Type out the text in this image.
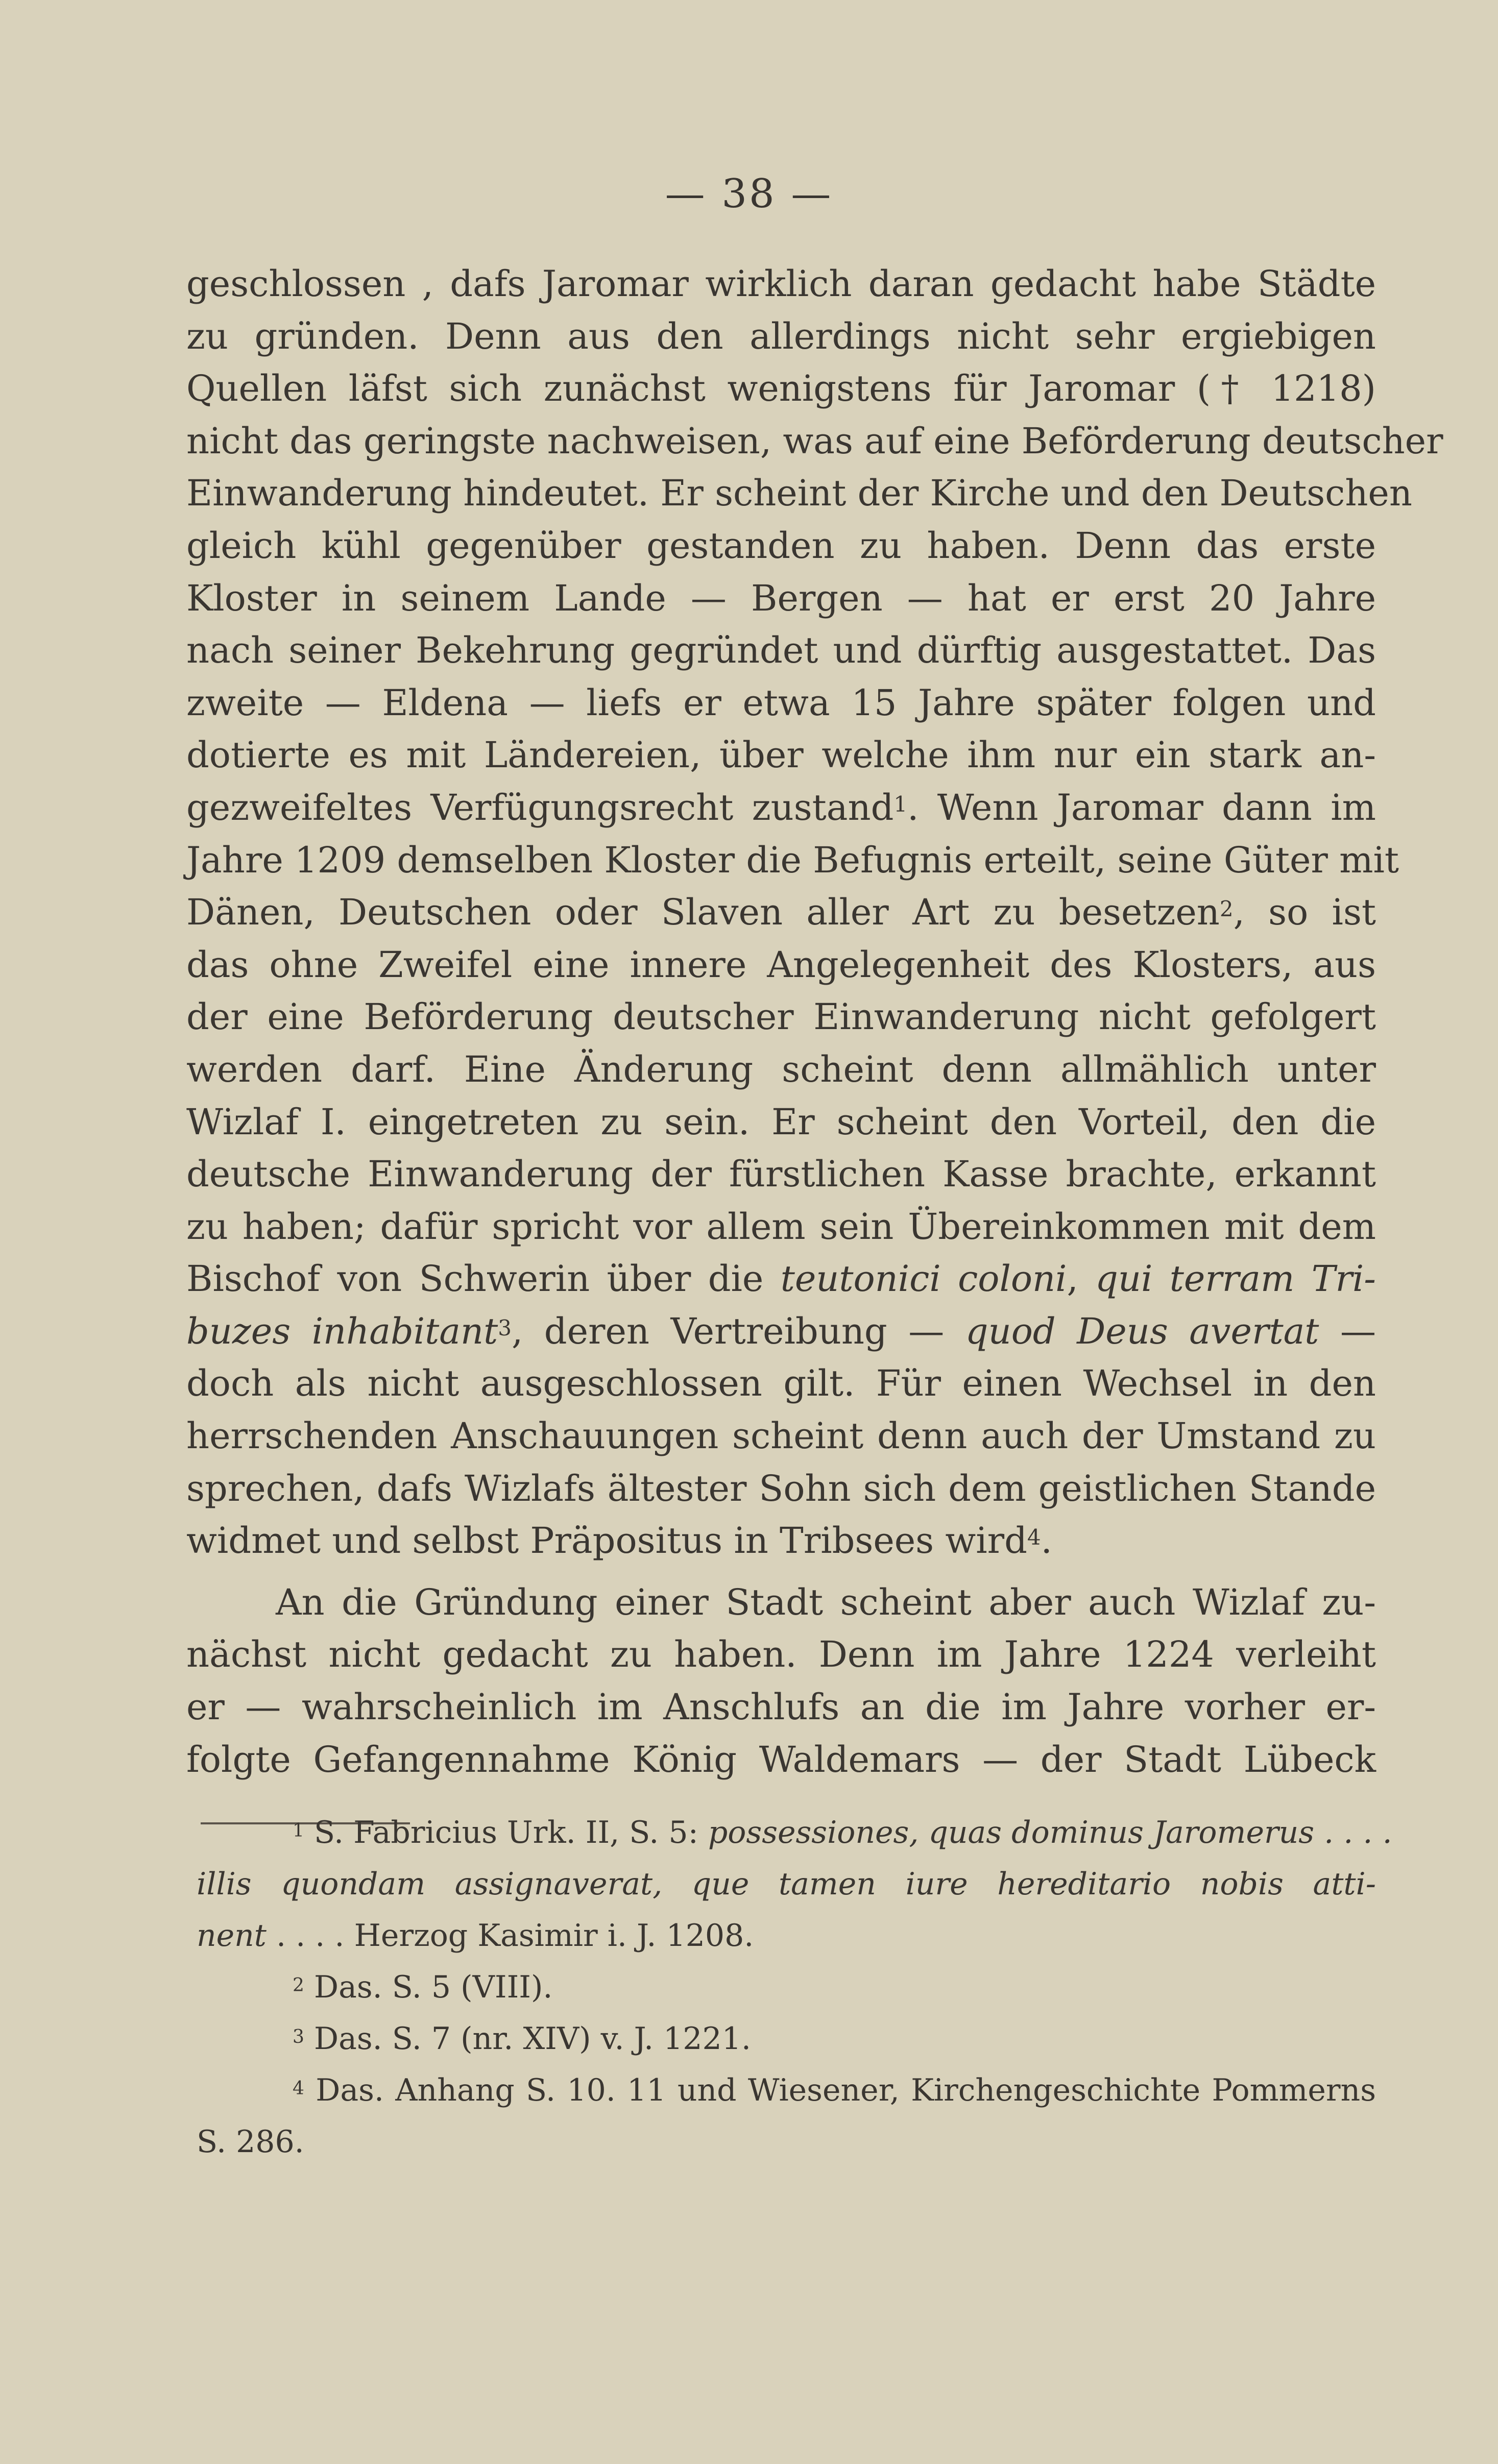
— 38 —
geschlossen , dafs Jaromar wirklich daran gedacht habe Städte
zu gründen. Denn aus den allerdings nicht sehr ergiebigen
Quellen läfst sich zunächst wenigstens für Jaromar († 1218)
nicht das geringste nachweisen, was auf eine Beförderung deutscher
Einwanderung hindeutet. Er scheint der Kirche und den Deutschen
gleich kühl gegenüber gestanden zu haben. Denn das erste
Kloster in seinem Lande — Bergen — hat er erst 20 Jahre
nach seiner Bekehrung gegründet und dürftig ausgestattet. Das
zweite — Eldena — liefs er etwa 15 Jahre später folgen und
dotierte es mit Ländereien, über welche ihm nur ein stark an-
gezweifeltes Verfügungsrecht zustand$^1$. Wenn Jaromar dann im
Jahre 1209 demselben Kloster die Befugnis erteilt, seine Güter mit
Dänen, Deutschen oder Slaven aller Art zu besetzen$^2$, so ist
das ohne Zweifel eine innere Angelegenheit des Klosters, aus
der eine Beförderung deutscher Einwanderung nicht gefolgert
werden darf. Eine Änderung scheint denn allmählich unter
Wizlaf I. eingetreten zu sein. Er scheint den Vorteil, den die
deutsche Einwanderung der fürstlichen Kasse brachte, erkannt
zu haben; dafür spricht vor allem sein Übereinkommen mit dem
Bischof von Schwerin über die teutonici coloni, qui terram Tri-
buzes inhabitant$^3$, deren Vertreibung — quod Deus avertat —
doch als nicht ausgeschlossen gilt. Für einen Wechsel in den
herrschenden Anschauungen scheint denn auch der Umstand zu
sprechen, dafs Wizlafs ältester Sohn sich dem geistlichen Stande
widmet und selbst Präpositus in Tribsees wird$^4$.
An die Gründung einer Stadt scheint aber auch Wizlaf zu-
nächst nicht gedacht zu haben. Denn im Jahre 1224 verleiht
er — wahrscheinlich im Anschlufs an die im Jahre vorher er-
folgte Gefangennahme König Waldemars — der Stadt Lübeck
$^1$ S. Fabricius Urk. II, S. 5: possessiones, quas dominus Jaromerus . . . .
illis quondam assignaverat, que tamen iure hereditario nobis atti-
nent . . . . Herzog Kasimir i. J. 1208.
$^2$ Das. S. 5 (VIII).
$^3$ Das. S. 7 (nr. XIV) v. J. 1221.
$^4$ Das. Anhang S. 10. 11 und Wiesener, Kirchengeschichte Pommerns
S. 286.
